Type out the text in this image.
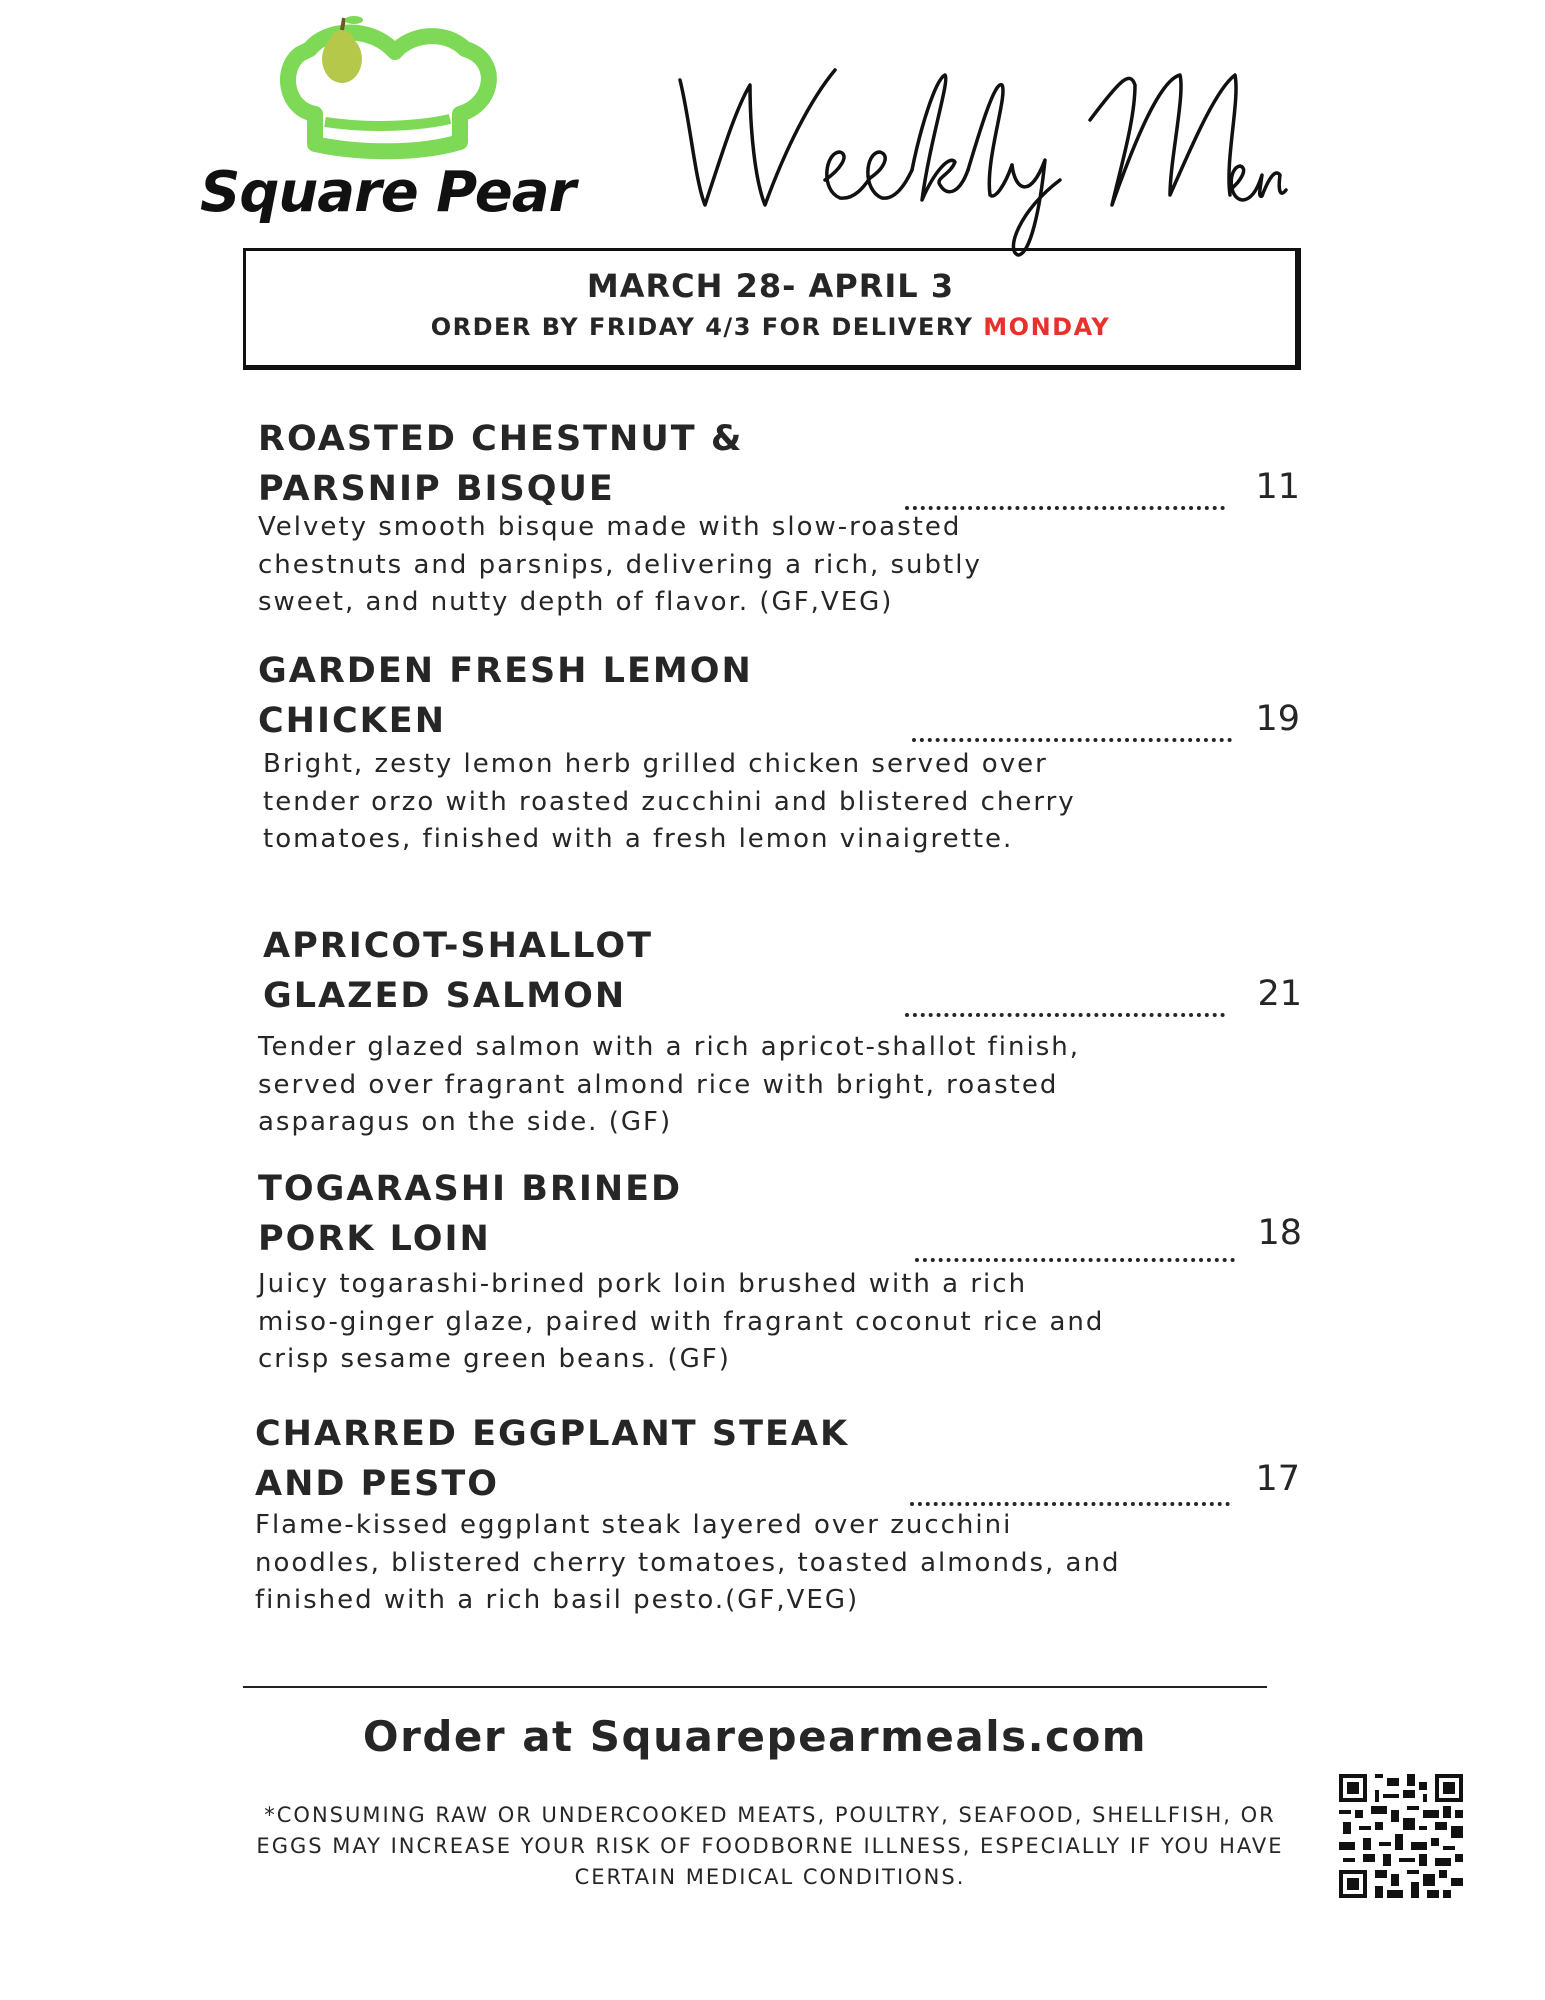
Square Pear
MARCH 28- APRIL 3
ORDER BY FRIDAY 4/3 FOR DELIVERY MONDAY
ROASTED CHESTNUT &
PARSNIP BISQUE	11
Velvety smooth bisque made with slow-roasted chestnuts and parsnips, delivering a rich, subtly sweet, and nutty depth of flavor. (GF,VEG)
GARDEN FRESH LEMON
CHICKEN	19
Bright, zesty lemon herb grilled chicken served over tender orzo with roasted zucchini and blistered cherry tomatoes, finished with a fresh lemon vinaigrette.
APRICOT-SHALLOT
GLAZED SALMON	21
Tender glazed salmon with a rich apricot-shallot finish, served over fragrant almond rice with bright, roasted asparagus on the side. (GF)
TOGARASHI BRINED
PORK LOIN	18
Juicy togarashi-brined pork loin brushed with a rich miso-ginger glaze, paired with fragrant coconut rice and crisp sesame green beans. (GF)
CHARRED EGGPLANT STEAK
AND PESTO	17
Flame-kissed eggplant steak layered over zucchini noodles, blistered cherry tomatoes, toasted almonds, and finished with a rich basil pesto.(GF,VEG)
Order at Squarepearmeals.com
*CONSUMING RAW OR UNDERCOOKED MEATS, POULTRY, SEAFOOD, SHELLFISH, OR EGGS MAY INCREASE YOUR RISK OF FOODBORNE ILLNESS, ESPECIALLY IF YOU HAVE CERTAIN MEDICAL CONDITIONS.
